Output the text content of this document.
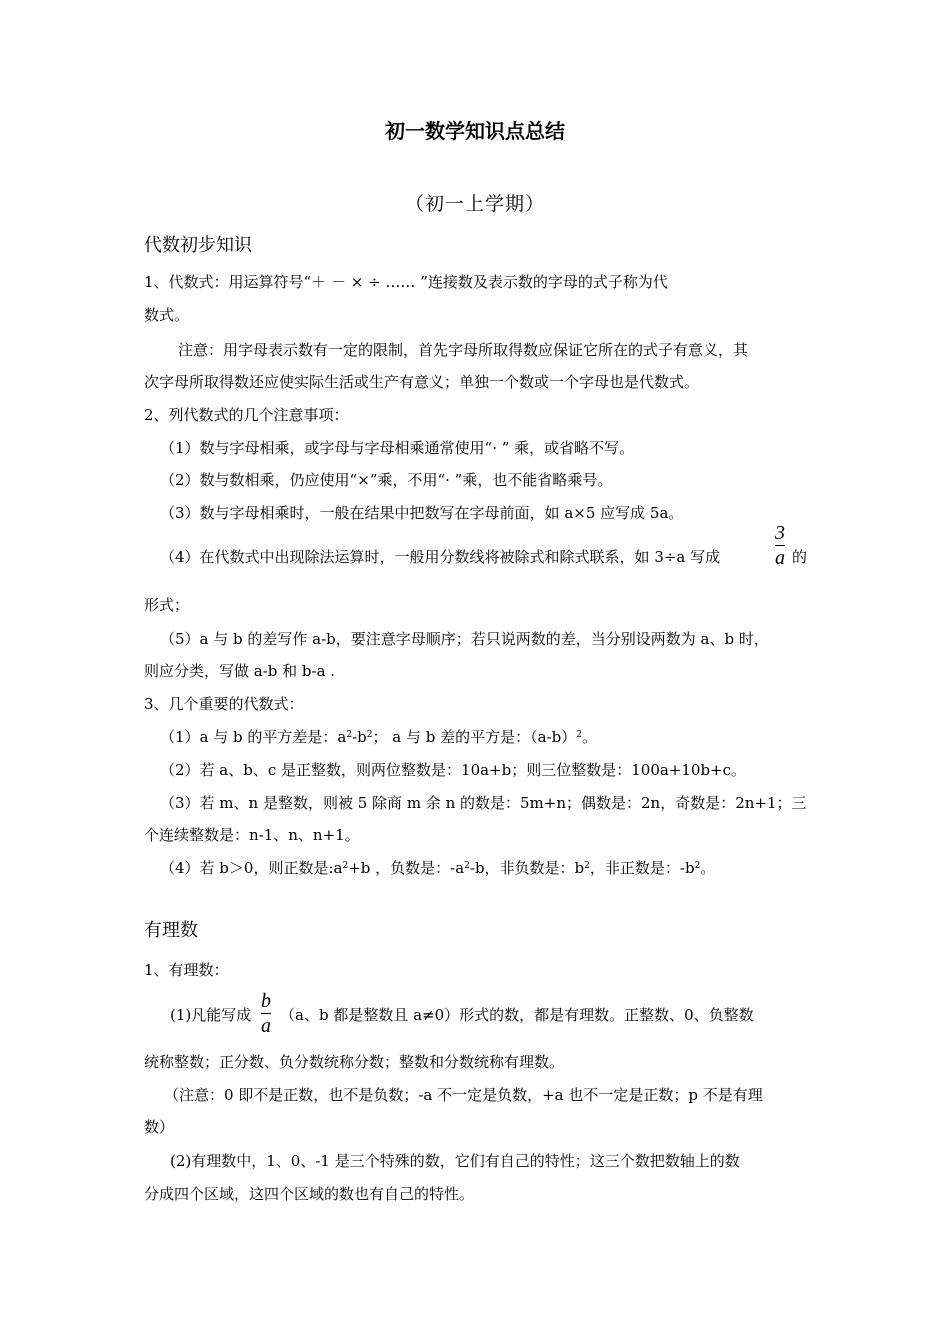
初一数学知识点总结
（初一上学期）
代数初步知识
1、代数式：用运算符号“＋ － × ÷ …… ”连接数及表示数的字母的式子称为代
数式。
注意：用字母表示数有一定的限制，首先字母所取得数应保证它所在的式子有意义，其
次字母所取得数还应使实际生活或生产有意义；单独一个数或一个字母也是代数式。
2、列代数式的几个注意事项：
（1）数与字母相乘，或字母与字母相乘通常使用“· ” 乘，或省略不写。
（2）数与数相乘，仍应使用“×”乘，不用“· ”乘，也不能省略乘号。
（3）数与字母相乘时，一般在结果中把数写在字母前面，如 a×5 应写成 5a。
（4）在代数式中出现除法运算时，一般用分数线将被除式和除式联系，如 3÷a 写成
3
a 的
形式；
（5）a 与 b 的差写作 a-b，要注意字母顺序；若只说两数的差，当分别设两数为 a、b 时，
则应分类，写做 a-b 和 b-a .
3、几个重要的代数式：
（1）a 与 b 的平方差是：$a^2-b^2$； a 与 b 差的平方是：$(a-b)^2$。
（2）若 a、b、c 是正整数，则两位整数是：10a+b；则三位整数是：100a+10b+c。
（3）若 m、n 是整数，则被 5 除商 m 余 n 的数是：5m+n；偶数是：2n，奇数是：2n+1；三
个连续整数是：n-1、n、n+1。
（4）若 b＞0，则正数是$:a^2+b$ ，负数是：$-a^2-b$，非负数是：$b^2$，非正数是：$-b^2$。
有理数
1、有理数：
(1)凡能写成
b
a （a、b 都是整数且 a≠0）形式的数，都是有理数。正整数、0、负整数
统称整数；正分数、负分数统称分数；整数和分数统称有理数。
（注意：0 即不是正数，也不是负数；-a 不一定是负数，+a 也不一定是正数；p 不是有理
数）
(2)有理数中，1、0、-1 是三个特殊的数，它们有自己的特性；这三个数把数轴上的数
分成四个区域，这四个区域的数也有自己的特性。
